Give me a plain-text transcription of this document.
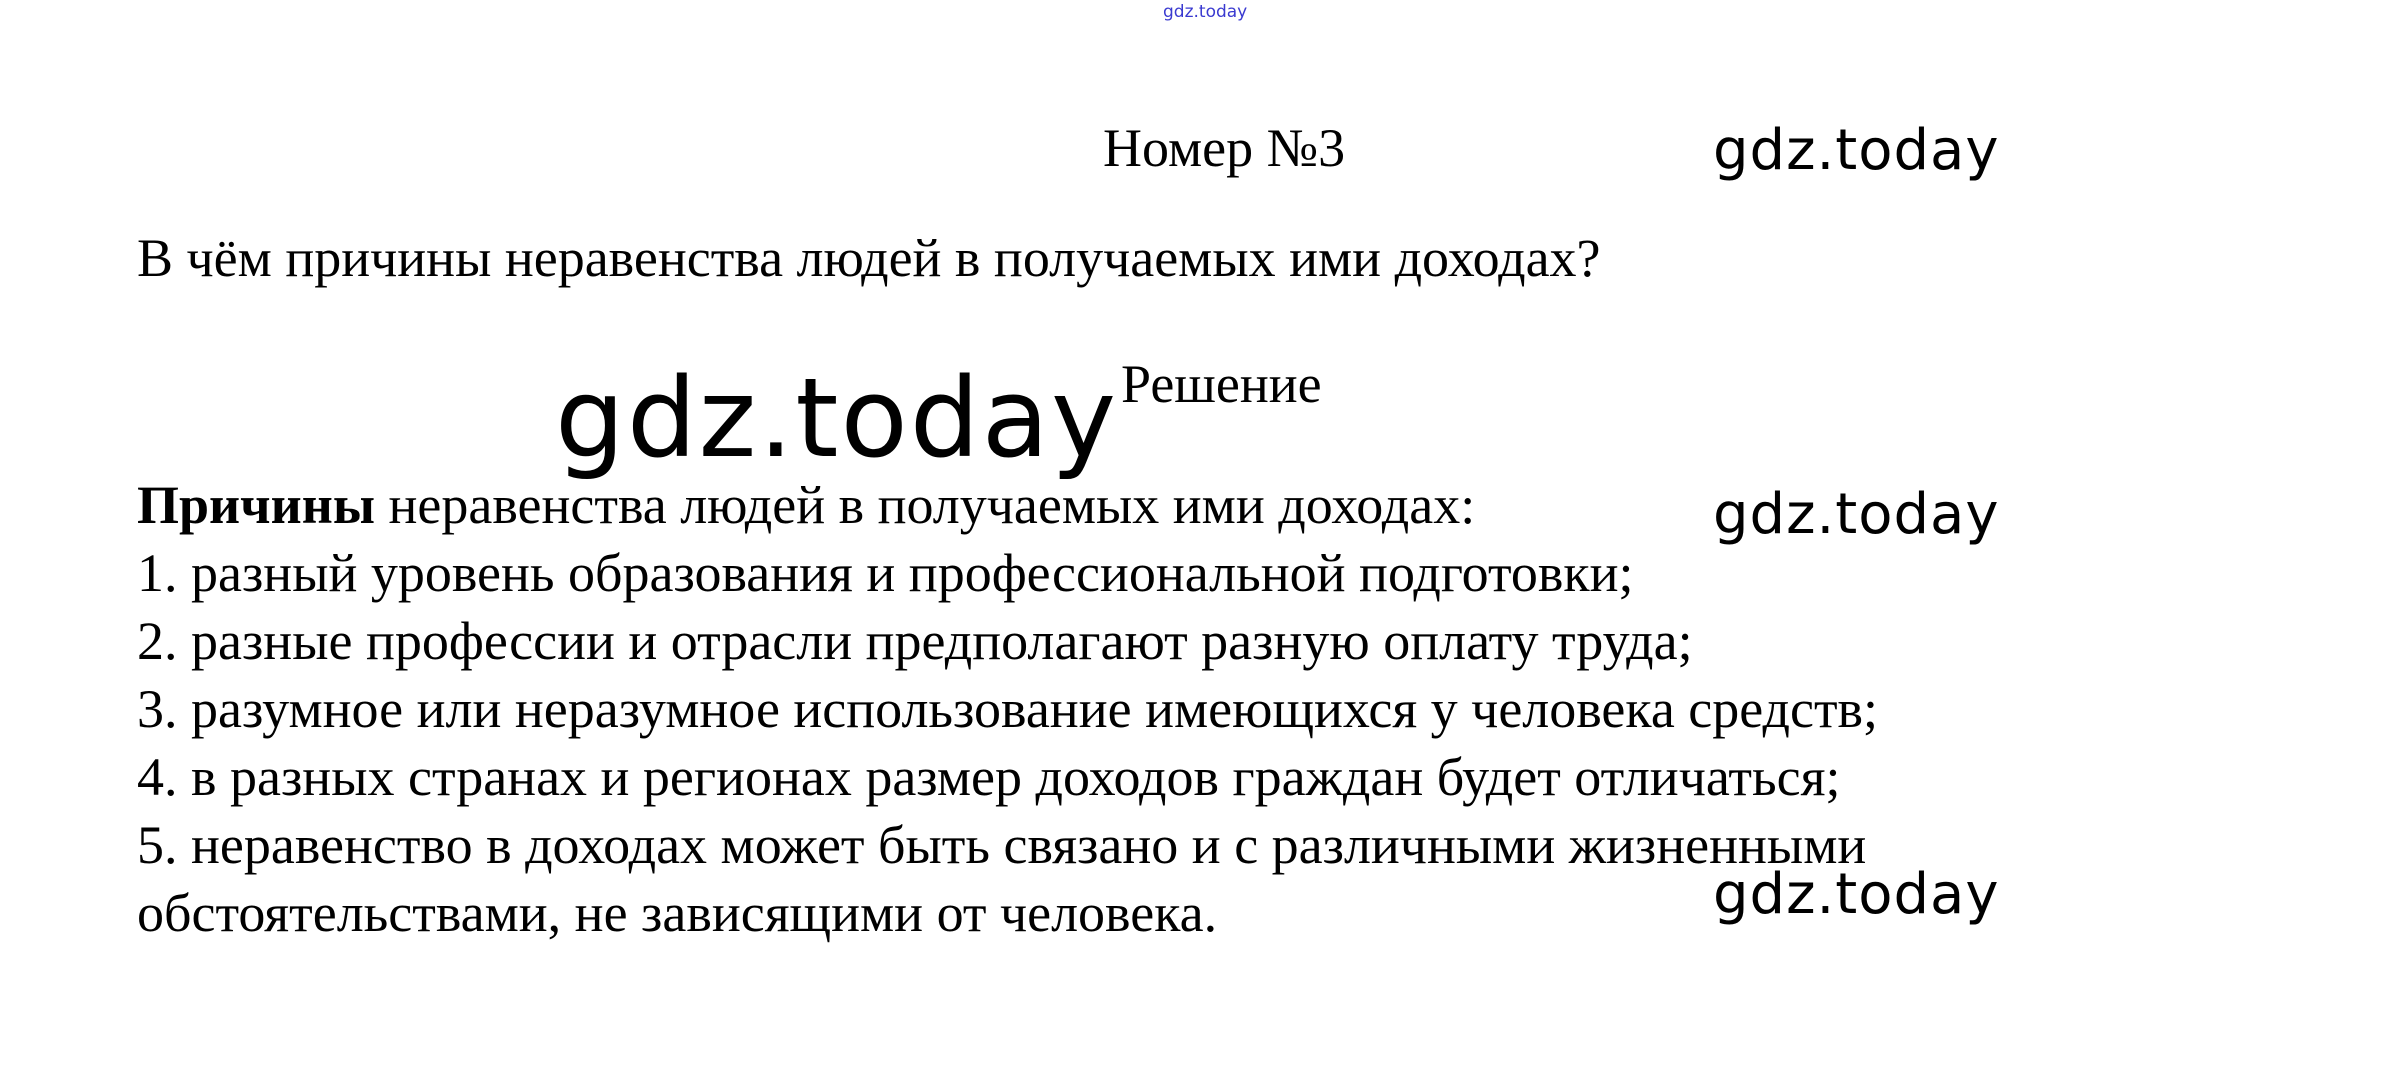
gdz.today
Номер №3	gdz.today
В чём причины неравенства людей в получаемых ими доходах?
Решение
gdz.today
gdz.today
gdz.today
Причины неравенства людей в получаемых ими доходах:
1. разный уровень образования и профессиональной подготовки;
2. разные профессии и отрасли предполагают разную оплату труда;
3. разумное или неразумное использование имеющихся у человека средств;
4. в разных странах и регионах размер доходов граждан будет отличаться;
5. неравенство в доходах может быть связано и с различными жизненными
обстоятельствами, не зависящими от человека.
